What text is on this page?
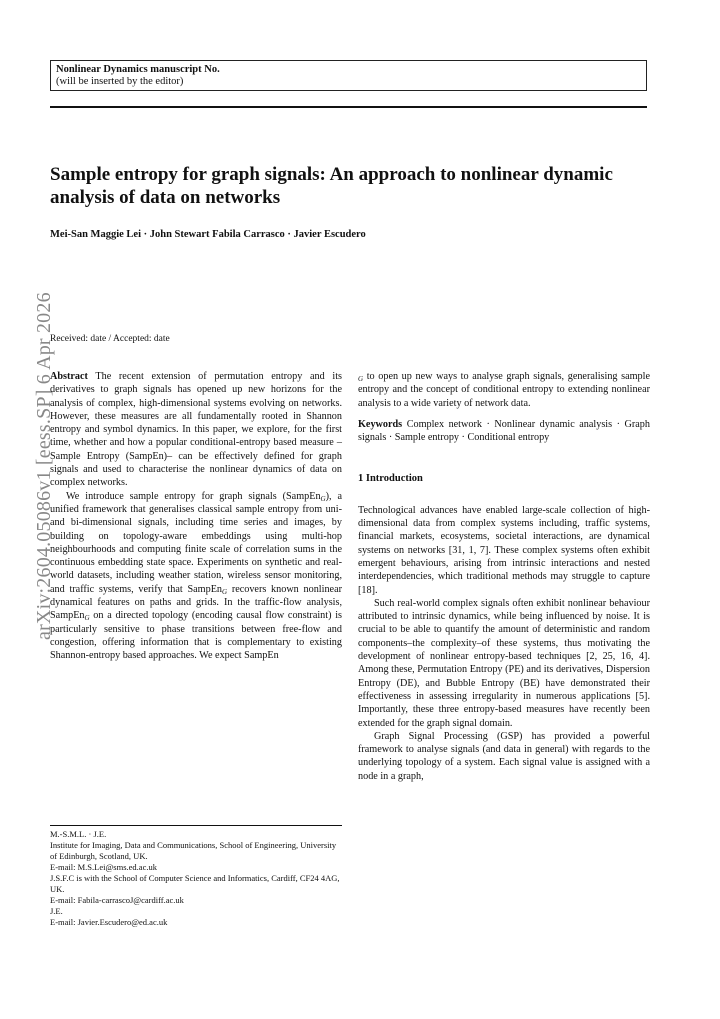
Nonlinear Dynamics manuscript No.
(will be inserted by the editor)
Sample entropy for graph signals: An approach to nonlinear dynamic analysis of data on networks
Mei-San Maggie Lei · John Stewart Fabila Carrasco · Javier Escudero
arXiv:2604.05086v1 [eess.SP] 6 Apr 2026
Received: date / Accepted: date

Abstract The recent extension of permutation entropy and its derivatives to graph signals has opened up new horizons for the analysis of complex, high-dimensional systems evolving on networks. However, these measures are all fundamentally rooted in Shannon entropy and symbol dynamics. In this paper, we explore, for the first time, whether and how a popular conditional-entropy based measure –Sample Entropy (SampEn)– can be effectively defined for graph signals and used to characterise the nonlinear dynamics of data on complex networks.

We introduce sample entropy for graph signals (SampEn$_G$), a unified framework that generalises classical sample entropy from uni- and bi-dimensional signals, including time series and images, by building on topology-aware embeddings using multi-hop neighbourhoods and computing finite scale of correlation sums in the continuous embedding state space. Experiments on synthetic and real-world datasets, including weather station, wireless sensor monitoring, and traffic systems, verify that SampEn$_G$ recovers known nonlinear dynamical features on paths and grids. In the traffic-flow analysis, SampEn$_G$ on a directed topology (encoding causal flow constraint) is particularly sensitive to phase transitions between free-flow and congestion, offering information that is complementary to existing Shannon-entropy based approaches. We expect SampEn

$_G$ to open up new ways to analyse graph signals, generalising sample entropy and the concept of conditional entropy to extending nonlinear analysis to a wide variety of network data.

Keywords Complex network · Nonlinear dynamic analysis · Graph signals · Sample entropy · Conditional entropy

1 Introduction

Technological advances have enabled large-scale collection of high-dimensional data from complex systems including, traffic systems, financial markets, ecosystems, societal interactions, are dynamical systems on networks [31, 1, 7]. These complex systems often exhibit emergent behaviours, arising from intrinsic interactions and nested interdependencies, which traditional methods may struggle to capture [18].

Such real-world complex signals often exhibit nonlinear behaviour attributed to intrinsic dynamics, while being influenced by noise. It is crucial to be able to quantify the amount of deterministic and random components–the complexity–of these systems, thus motivating the development of nonlinear entropy-based techniques [2, 25, 16, 4]. Among these, Permutation Entropy (PE) and its derivatives, Dispersion Entropy (DE), and Bubble Entropy (BE) have demonstrated their effectiveness in assessing irregularity in numerous applications [5]. Importantly, these three entropy-based measures have recently been extended for the graph signal domain.

Graph Signal Processing (GSP) has provided a powerful framework to analyse signals (and data in general) with regards to the underlying topology of a system. Each signal value is assigned with a node in a graph,

M.-S.M.L. · J.E.

Institute for Imaging, Data and Communications, School of Engineering, University of Edinburgh, Scotland, UK.

E-mail: M.S.Lei@sms.ed.ac.uk

J.S.F.C is with the School of Computer Science and Informatics, Cardiff, CF24 4AG, UK.

E-mail: Fabila-carrascoJ@cardiff.ac.uk

J.E.

E-mail: Javier.Escudero@ed.ac.uk
